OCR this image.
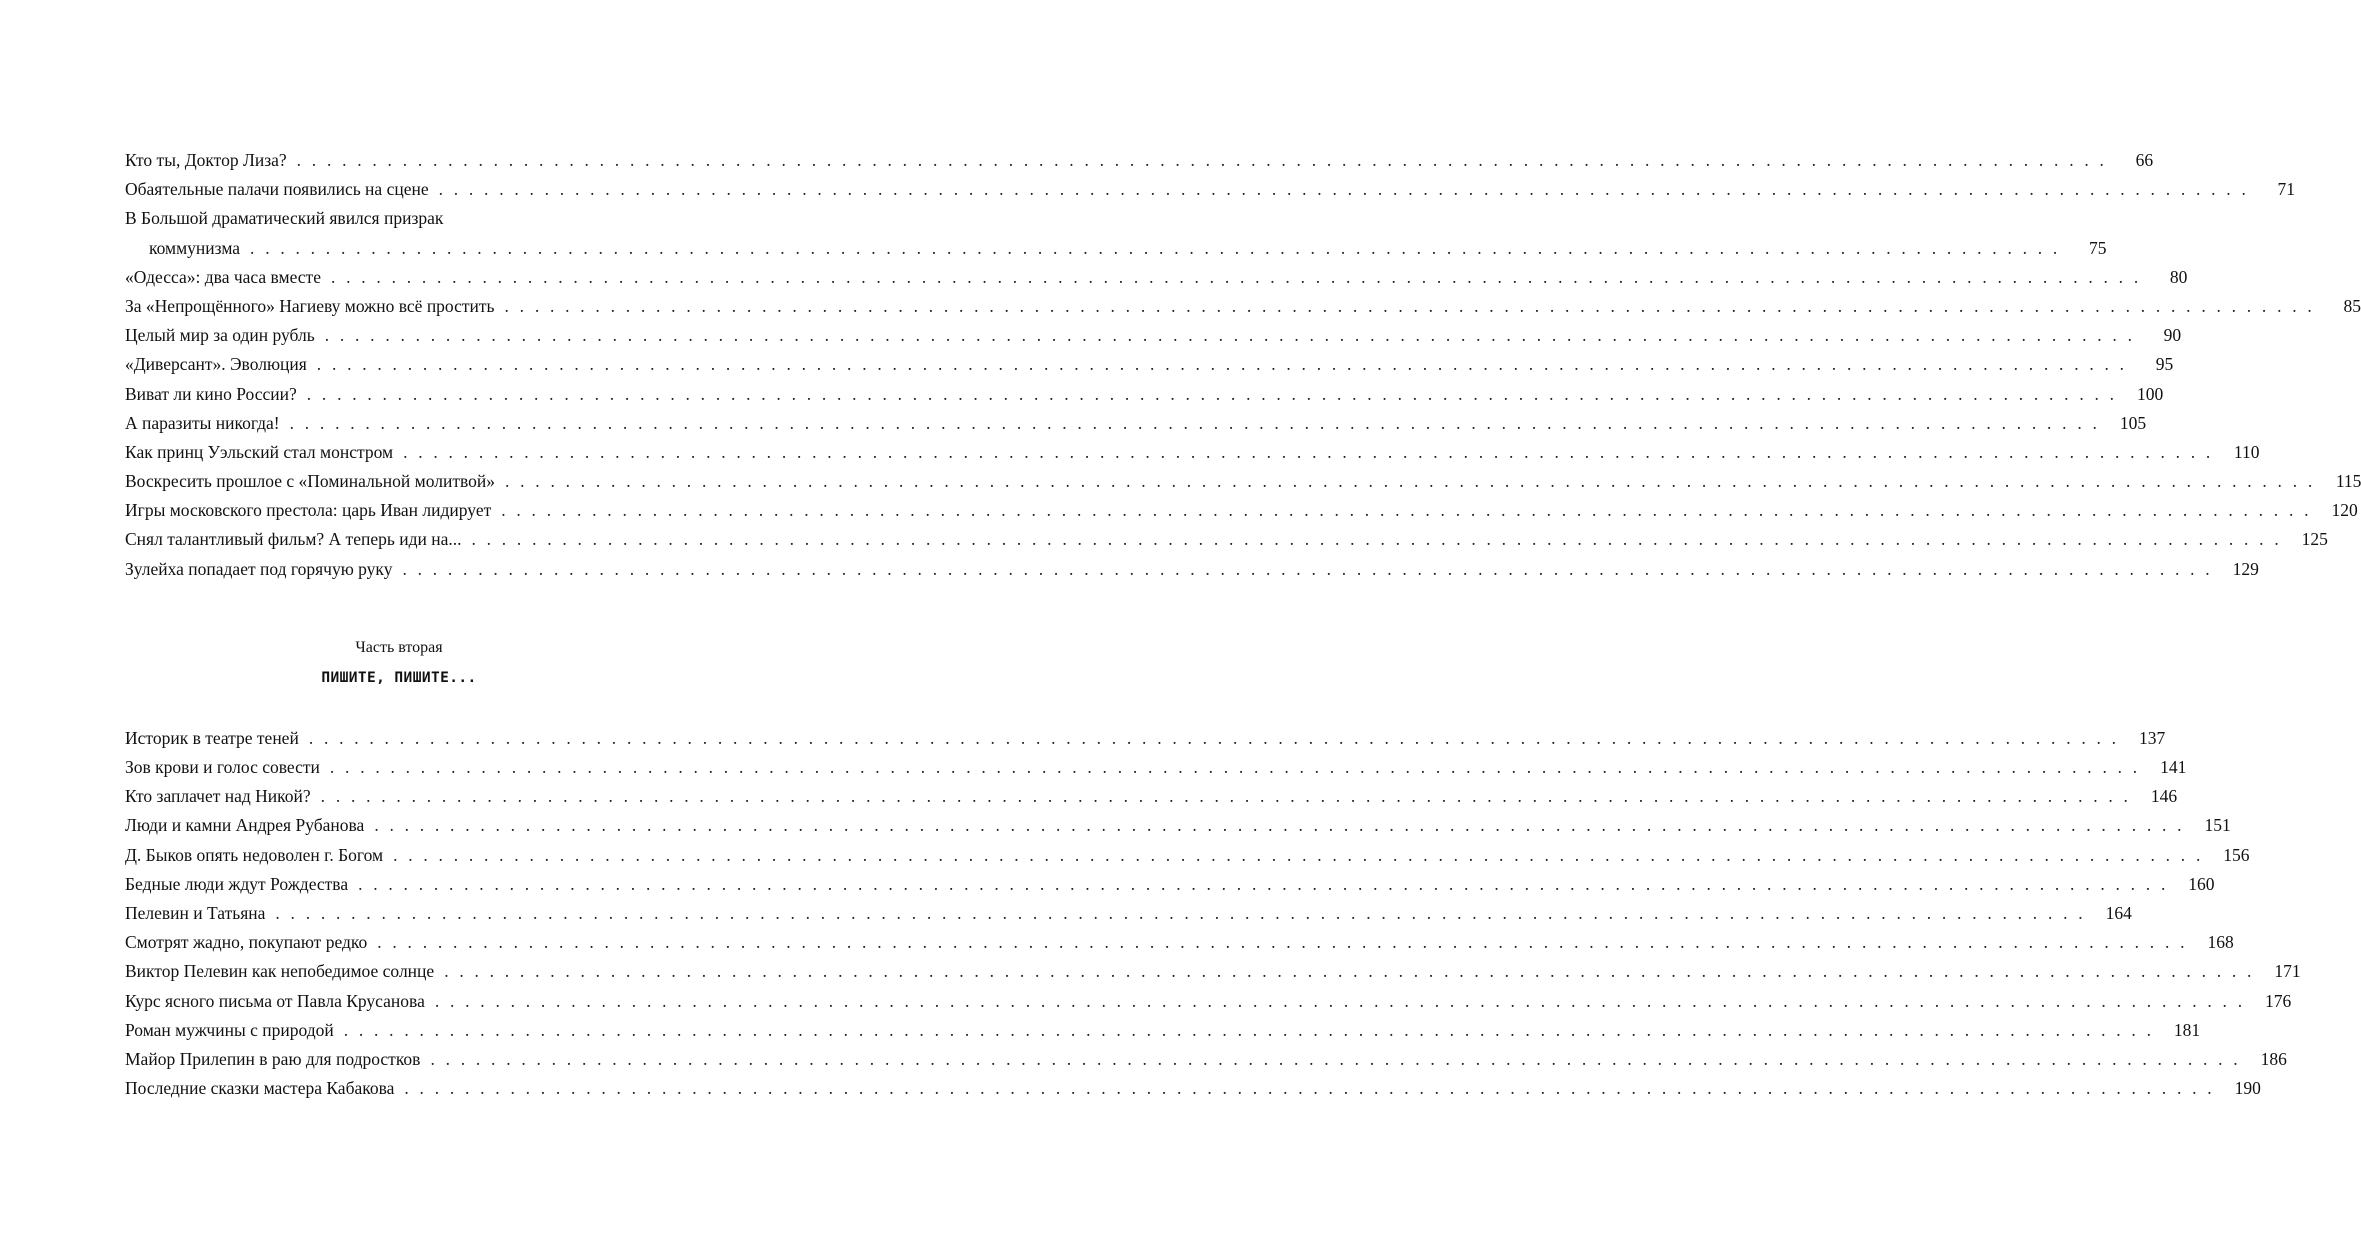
Кто ты, Доктор Лиза? . . . . . . . . . . . . . . . . . . . . . . . . . . . . . . . . . . . . . . . . . . . . . . . . . . . . . . . . . . . . . . . . . . . . . . . . . . . . . . . . . . . . . . . . . . . . . . . . . . . . . . . . . . . . . . . . . . . . . . . .	66
Обаятельные палачи появились на сцене . . . . . . . . . . . . . . . . . . . . . . . . . . . . . . . . . . . . . . . . . . . . . . . . . . . . . . . . . . . . . . . . . . . . . . . . . . . . . . . . . . . . . . . . . . . . . . . . . . . . . . . . . . . . . . . . . . . . . . . .	71
В Большой драматический явился призрак
коммунизма . . . . . . . . . . . . . . . . . . . . . . . . . . . . . . . . . . . . . . . . . . . . . . . . . . . . . . . . . . . . . . . . . . . . . . . . . . . . . . . . . . . . . . . . . . . . . . . . . . . . . . . . . . . . . . . . . . . . . . . .	75
«Одесса»: два часа вместе . . . . . . . . . . . . . . . . . . . . . . . . . . . . . . . . . . . . . . . . . . . . . . . . . . . . . . . . . . . . . . . . . . . . . . . . . . . . . . . . . . . . . . . . . . . . . . . . . . . . . . . . . . . . . . . . . . . . . . . .	80
За «Непрощённого» Нагиеву можно всё простить . . . . . . . . . . . . . . . . . . . . . . . . . . . . . . . . . . . . . . . . . . . . . . . . . . . . . . . . . . . . . . . . . . . . . . . . . . . . . . . . . . . . . . . . . . . . . . . . . . . . . . . . . . . . . . . . . . . . . . . .	85
Целый мир за один рубль . . . . . . . . . . . . . . . . . . . . . . . . . . . . . . . . . . . . . . . . . . . . . . . . . . . . . . . . . . . . . . . . . . . . . . . . . . . . . . . . . . . . . . . . . . . . . . . . . . . . . . . . . . . . . . . . . . . . . . . .	90
«Диверсант». Эволюция . . . . . . . . . . . . . . . . . . . . . . . . . . . . . . . . . . . . . . . . . . . . . . . . . . . . . . . . . . . . . . . . . . . . . . . . . . . . . . . . . . . . . . . . . . . . . . . . . . . . . . . . . . . . . . . . . . . . . . . .	95
Виват ли кино России? . . . . . . . . . . . . . . . . . . . . . . . . . . . . . . . . . . . . . . . . . . . . . . . . . . . . . . . . . . . . . . . . . . . . . . . . . . . . . . . . . . . . . . . . . . . . . . . . . . . . . . . . . . . . . . . . . . . . . . . .	100
А паразиты никогда! . . . . . . . . . . . . . . . . . . . . . . . . . . . . . . . . . . . . . . . . . . . . . . . . . . . . . . . . . . . . . . . . . . . . . . . . . . . . . . . . . . . . . . . . . . . . . . . . . . . . . . . . . . . . . . . . . . . . . . . .	105
Как принц Уэльский стал монстром . . . . . . . . . . . . . . . . . . . . . . . . . . . . . . . . . . . . . . . . . . . . . . . . . . . . . . . . . . . . . . . . . . . . . . . . . . . . . . . . . . . . . . . . . . . . . . . . . . . . . . . . . . . . . . . . . . . . . . . .	110
Воскресить прошлое с «Поминальной молитвой» . . . . . . . . . . . . . . . . . . . . . . . . . . . . . . . . . . . . . . . . . . . . . . . . . . . . . . . . . . . . . . . . . . . . . . . . . . . . . . . . . . . . . . . . . . . . . . . . . . . . . . . . . . . . . . . . . . . . . . . .	115
Игры московского престола: царь Иван лидирует . . . . . . . . . . . . . . . . . . . . . . . . . . . . . . . . . . . . . . . . . . . . . . . . . . . . . . . . . . . . . . . . . . . . . . . . . . . . . . . . . . . . . . . . . . . . . . . . . . . . . . . . . . . . . . . . . . . . . . . .	120
Снял талантливый фильм? А теперь иди на... . . . . . . . . . . . . . . . . . . . . . . . . . . . . . . . . . . . . . . . . . . . . . . . . . . . . . . . . . . . . . . . . . . . . . . . . . . . . . . . . . . . . . . . . . . . . . . . . . . . . . . . . . . . . . . . . . . . . . . . .	125
Зулейха попадает под горячую руку . . . . . . . . . . . . . . . . . . . . . . . . . . . . . . . . . . . . . . . . . . . . . . . . . . . . . . . . . . . . . . . . . . . . . . . . . . . . . . . . . . . . . . . . . . . . . . . . . . . . . . . . . . . . . . . . . . . . . . . .	129
Часть вторая
ПИШИТЕ, ПИШИТЕ...
Историк в театре теней . . . . . . . . . . . . . . . . . . . . . . . . . . . . . . . . . . . . . . . . . . . . . . . . . . . . . . . . . . . . . . . . . . . . . . . . . . . . . . . . . . . . . . . . . . . . . . . . . . . . . . . . . . . . . . . . . . . . . . . .	137
Зов крови и голос совести . . . . . . . . . . . . . . . . . . . . . . . . . . . . . . . . . . . . . . . . . . . . . . . . . . . . . . . . . . . . . . . . . . . . . . . . . . . . . . . . . . . . . . . . . . . . . . . . . . . . . . . . . . . . . . . . . . . . . . . .	141
Кто заплачет над Никой? . . . . . . . . . . . . . . . . . . . . . . . . . . . . . . . . . . . . . . . . . . . . . . . . . . . . . . . . . . . . . . . . . . . . . . . . . . . . . . . . . . . . . . . . . . . . . . . . . . . . . . . . . . . . . . . . . . . . . . . .	146
Люди и камни Андрея Рубанова . . . . . . . . . . . . . . . . . . . . . . . . . . . . . . . . . . . . . . . . . . . . . . . . . . . . . . . . . . . . . . . . . . . . . . . . . . . . . . . . . . . . . . . . . . . . . . . . . . . . . . . . . . . . . . . . . . . . . . . .	151
Д. Быков опять недоволен г. Богом . . . . . . . . . . . . . . . . . . . . . . . . . . . . . . . . . . . . . . . . . . . . . . . . . . . . . . . . . . . . . . . . . . . . . . . . . . . . . . . . . . . . . . . . . . . . . . . . . . . . . . . . . . . . . . . . . . . . . . . .	156
Бедные люди ждут Рождества . . . . . . . . . . . . . . . . . . . . . . . . . . . . . . . . . . . . . . . . . . . . . . . . . . . . . . . . . . . . . . . . . . . . . . . . . . . . . . . . . . . . . . . . . . . . . . . . . . . . . . . . . . . . . . . . . . . . . . . .	160
Пелевин и Татьяна . . . . . . . . . . . . . . . . . . . . . . . . . . . . . . . . . . . . . . . . . . . . . . . . . . . . . . . . . . . . . . . . . . . . . . . . . . . . . . . . . . . . . . . . . . . . . . . . . . . . . . . . . . . . . . . . . . . . . . . .	164
Смотрят жадно, покупают редко . . . . . . . . . . . . . . . . . . . . . . . . . . . . . . . . . . . . . . . . . . . . . . . . . . . . . . . . . . . . . . . . . . . . . . . . . . . . . . . . . . . . . . . . . . . . . . . . . . . . . . . . . . . . . . . . . . . . . . . .	168
Виктор Пелевин как непобедимое солнце . . . . . . . . . . . . . . . . . . . . . . . . . . . . . . . . . . . . . . . . . . . . . . . . . . . . . . . . . . . . . . . . . . . . . . . . . . . . . . . . . . . . . . . . . . . . . . . . . . . . . . . . . . . . . . . . . . . . . . . .	171
Курс ясного письма от Павла Крусанова . . . . . . . . . . . . . . . . . . . . . . . . . . . . . . . . . . . . . . . . . . . . . . . . . . . . . . . . . . . . . . . . . . . . . . . . . . . . . . . . . . . . . . . . . . . . . . . . . . . . . . . . . . . . . . . . . . . . . . . .	176
Роман мужчины с природой . . . . . . . . . . . . . . . . . . . . . . . . . . . . . . . . . . . . . . . . . . . . . . . . . . . . . . . . . . . . . . . . . . . . . . . . . . . . . . . . . . . . . . . . . . . . . . . . . . . . . . . . . . . . . . . . . . . . . . . .	181
Майор Прилепин в раю для подростков . . . . . . . . . . . . . . . . . . . . . . . . . . . . . . . . . . . . . . . . . . . . . . . . . . . . . . . . . . . . . . . . . . . . . . . . . . . . . . . . . . . . . . . . . . . . . . . . . . . . . . . . . . . . . . . . . . . . . . . .	186
Последние сказки мастера Кабакова . . . . . . . . . . . . . . . . . . . . . . . . . . . . . . . . . . . . . . . . . . . . . . . . . . . . . . . . . . . . . . . . . . . . . . . . . . . . . . . . . . . . . . . . . . . . . . . . . . . . . . . . . . . . . . . . . . . . . . . .	190
